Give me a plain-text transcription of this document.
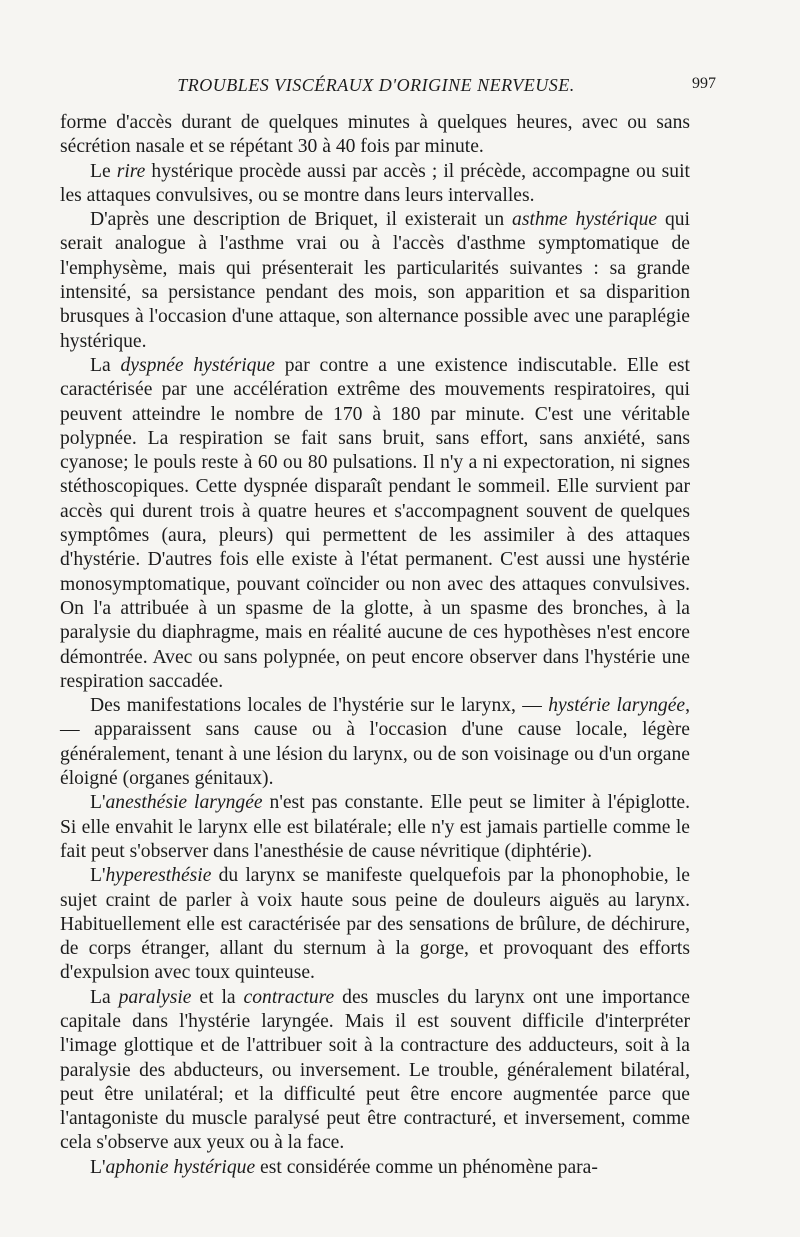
TROUBLES VISCÉRAUX D'ORIGINE NERVEUSE.	997

forme d'accès durant de quelques minutes à quelques heures, avec ou sans sécrétion nasale et se répétant 30 à 40 fois par minute.

Le rire hystérique procède aussi par accès ; il précède, accompagne ou suit les attaques convulsives, ou se montre dans leurs intervalles.

D'après une description de Briquet, il existerait un asthme hystérique qui serait analogue à l'asthme vrai ou à l'accès d'asthme symptomatique de l'emphysème, mais qui présenterait les particularités suivantes : sa grande intensité, sa persistance pendant des mois, son apparition et sa disparition brusques à l'occasion d'une attaque, son alternance possible avec une paraplégie hystérique.

La dyspnée hystérique par contre a une existence indiscutable. Elle est caractérisée par une accélération extrême des mouvements respiratoires, qui peuvent atteindre le nombre de 170 à 180 par minute. C'est une véritable polypnée. La respiration se fait sans bruit, sans effort, sans anxiété, sans cyanose; le pouls reste à 60 ou 80 pulsations. Il n'y a ni expectoration, ni signes stéthoscopiques. Cette dyspnée disparaît pendant le sommeil. Elle survient par accès qui durent trois à quatre heures et s'accompagnent souvent de quelques symptômes (aura, pleurs) qui permettent de les assimiler à des attaques d'hystérie. D'autres fois elle existe à l'état permanent. C'est aussi une hystérie monosymptomatique, pouvant coïncider ou non avec des attaques convulsives. On l'a attribuée à un spasme de la glotte, à un spasme des bronches, à la paralysie du diaphragme, mais en réalité aucune de ces hypothèses n'est encore démontrée. Avec ou sans polypnée, on peut encore observer dans l'hystérie une respiration saccadée.

Des manifestations locales de l'hystérie sur le larynx, — hystérie laryngée, — apparaissent sans cause ou à l'occasion d'une cause locale, légère généralement, tenant à une lésion du larynx, ou de son voisinage ou d'un organe éloigné (organes génitaux).

L'anesthésie laryngée n'est pas constante. Elle peut se limiter à l'épiglotte. Si elle envahit le larynx elle est bilatérale; elle n'y est jamais partielle comme le fait peut s'observer dans l'anesthésie de cause névritique (diphtérie).

L'hyperesthésie du larynx se manifeste quelquefois par la phonophobie, le sujet craint de parler à voix haute sous peine de douleurs aiguës au larynx. Habituellement elle est caractérisée par des sensations de brûlure, de déchirure, de corps étranger, allant du sternum à la gorge, et provoquant des efforts d'expulsion avec toux quinteuse.

La paralysie et la contracture des muscles du larynx ont une importance capitale dans l'hystérie laryngée. Mais il est souvent difficile d'interpréter l'image glottique et de l'attribuer soit à la contracture des adducteurs, soit à la paralysie des abducteurs, ou inversement. Le trouble, généralement bilatéral, peut être unilatéral; et la difficulté peut être encore augmentée parce que l'antagoniste du muscle paralysé peut être contracturé, et inversement, comme cela s'observe aux yeux ou à la face.

L'aphonie hystérique est considérée comme un phénomène para-
